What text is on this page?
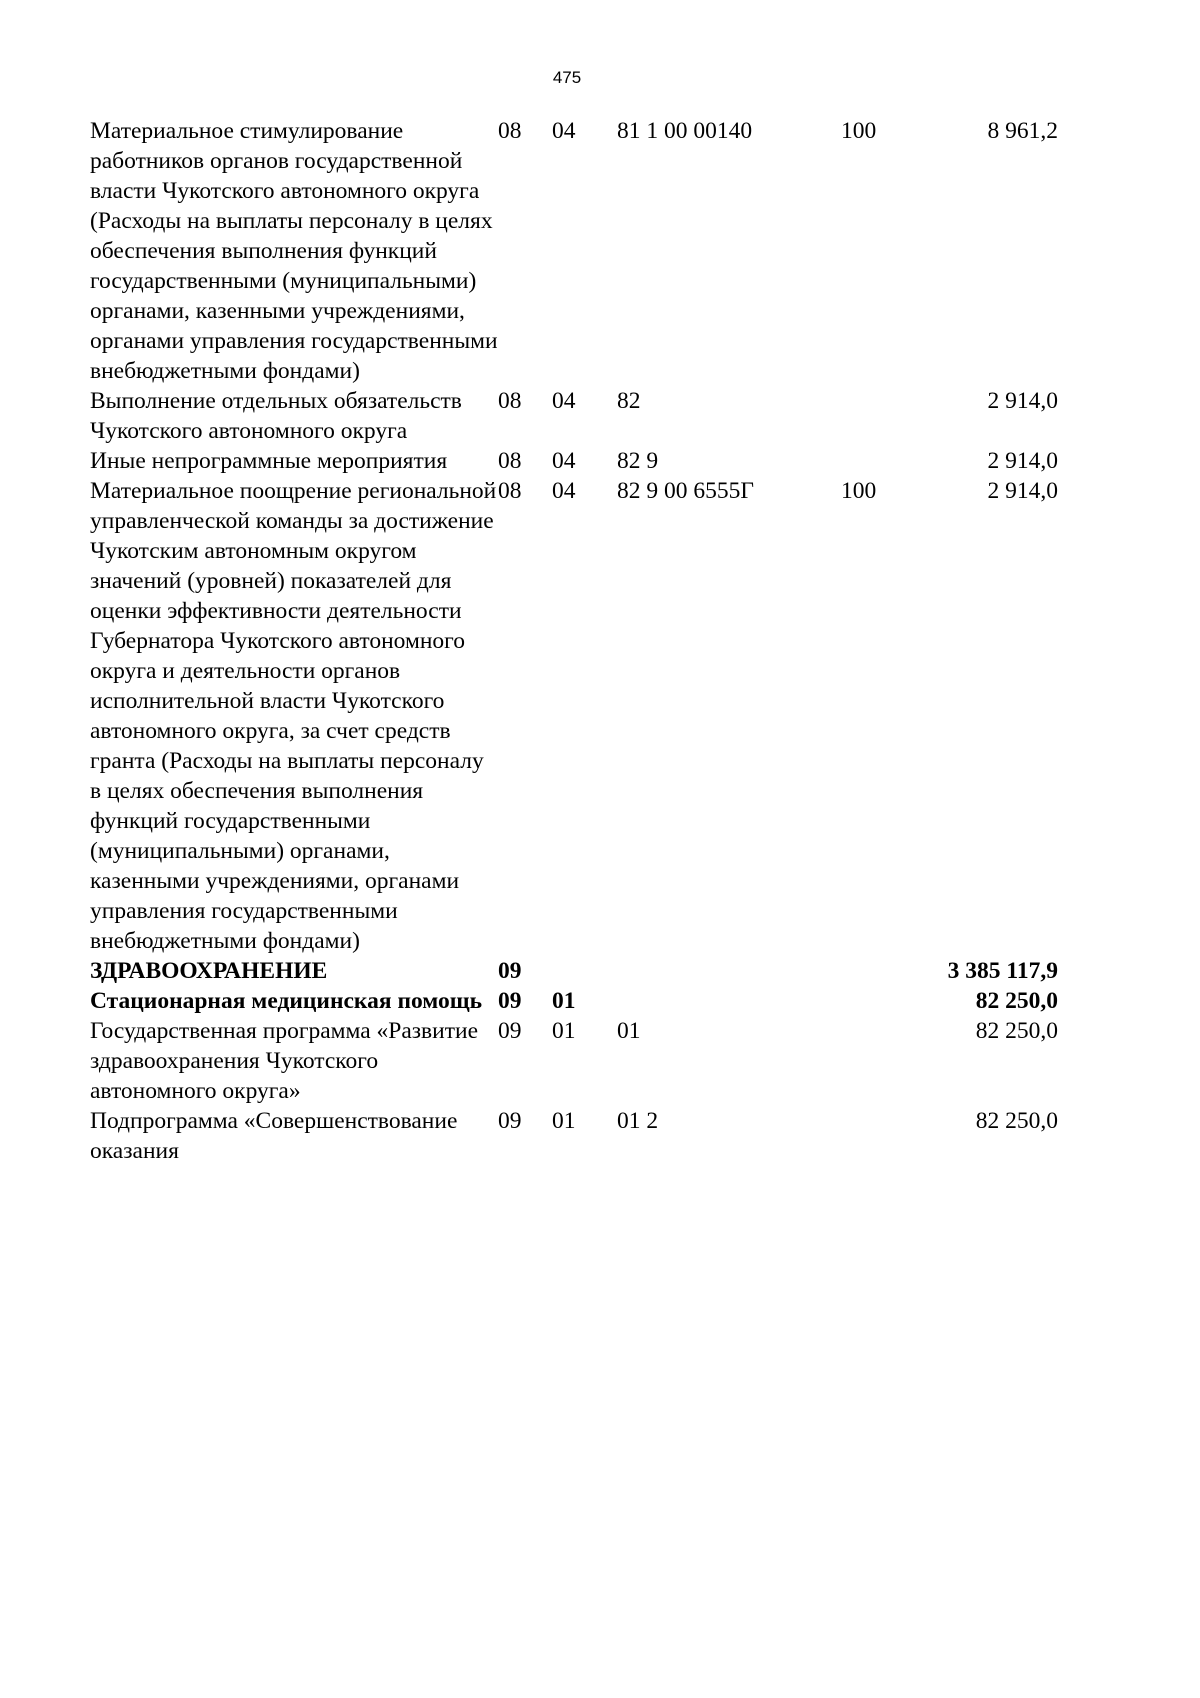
475
Материальное стимулирование работников органов государственной власти Чукотского автономного округа (Расходы на выплаты персоналу в целях обеспечения выполнения функций государственными (муниципальными) органами, казенными учреждениями, органами управления государственными внебюджетными фондами)	08	04	81 1 00 00140	100	8 961,2
Выполнение отдельных обязательств Чукотского автономного округа	08	04	82		2 914,0
Иные непрограммные мероприятия	08	04	82 9		2 914,0
Материальное поощрение региональной управленческой команды за достижение Чукотским автономным округом значений (уровней) показателей для оценки эффективности деятельности Губернатора Чукотского автономного округа и деятельности органов исполнительной власти Чукотского автономного округа, за счет средств гранта (Расходы на выплаты персоналу в целях обеспечения выполнения функций государственными (муниципальными) органами, казенными учреждениями, органами управления государственными внебюджетными фондами)	08	04	82 9 00 6555Г	100	2 914,0
ЗДРАВООХРАНЕНИЕ	09				3 385 117,9
Стационарная медицинская помощь	09	01			82 250,0
Государственная программа «Развитие здравоохранения Чукотского автономного округа»	09	01	01		82 250,0
Подпрограмма «Совершенствование оказания	09	01	01 2		82 250,0
